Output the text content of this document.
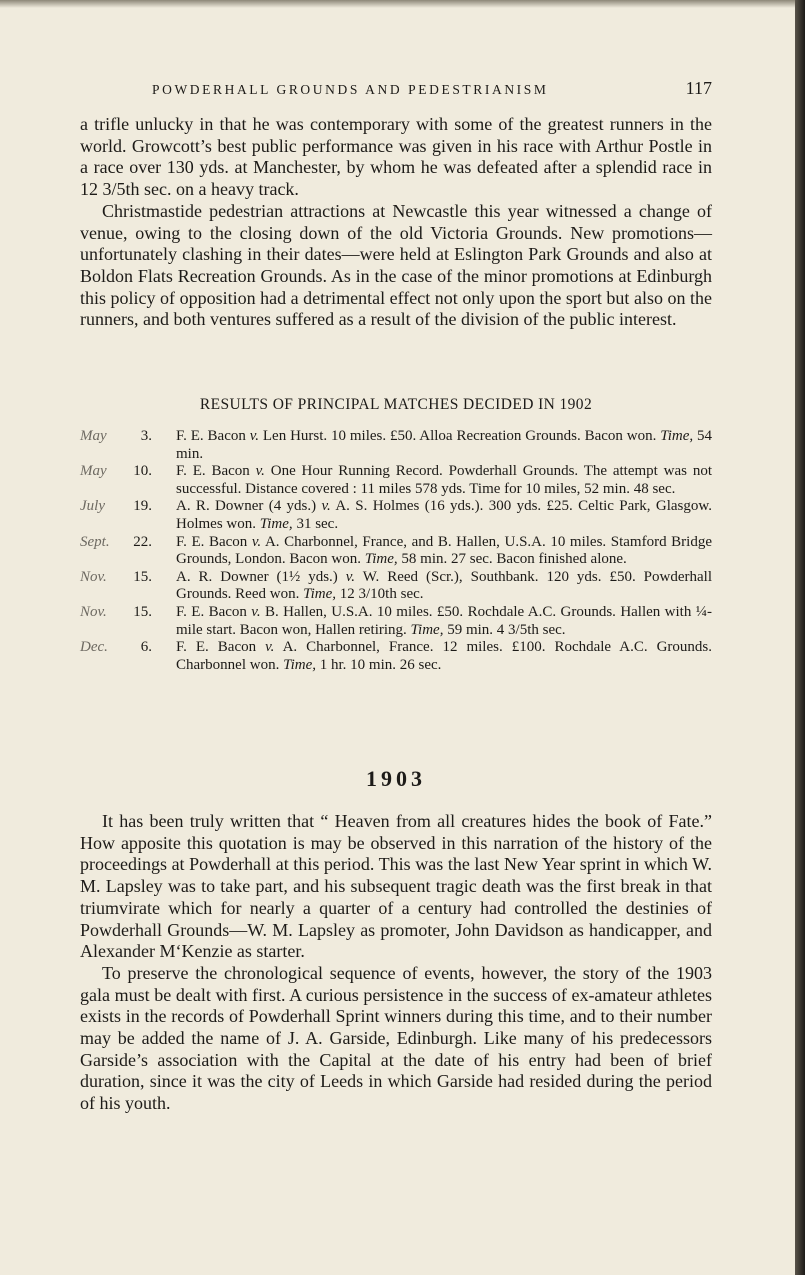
POWDERHALL GROUNDS AND PEDESTRIANISM	117

a trifle unlucky in that he was contemporary with some of the greatest runners in the world. Growcott’s best public performance was given in his race with Arthur Postle in a race over 130 yds. at Manchester, by whom he was defeated after a splendid race in 12 3/5th sec. on a heavy track.

Christmastide pedestrian attractions at Newcastle this year witnessed a change of venue, owing to the closing down of the old Victoria Grounds. New promotions—unfortunately clashing in their dates—were held at Eslington Park Grounds and also at Boldon Flats Recreation Grounds. As in the case of the minor promotions at Edinburgh this policy of opposition had a detrimental effect not only upon the sport but also on the runners, and both ventures suffered as a result of the division of the public interest.

RESULTS OF PRINCIPAL MATCHES DECIDED IN 1902
May	3. F. E. Bacon v. Len Hurst. 10 miles. £50. Alloa Recreation Grounds. Bacon won. Time, 54 min.
May	10. F. E. Bacon v. One Hour Running Record. Powderhall Grounds. The attempt was not successful. Distance covered : 11 miles 578 yds. Time for 10 miles, 52 min. 48 sec.
July	19. A. R. Downer (4 yds.) v. A. S. Holmes (16 yds.). 300 yds. £25. Celtic Park, Glasgow. Holmes won. Time, 31 sec.
Sept.	22. F. E. Bacon v. A. Charbonnel, France, and B. Hallen, U.S.A. 10 miles. Stamford Bridge Grounds, London. Bacon won. Time, 58 min. 27 sec. Bacon finished alone.
Nov.	15. A. R. Downer (1½ yds.) v. W. Reed (Scr.), Southbank. 120 yds. £50. Powderhall Grounds. Reed won. Time, 12 3/10th sec.
Nov.	15. F. E. Bacon v. B. Hallen, U.S.A. 10 miles. £50. Rochdale A.C. Grounds. Hallen with ¼-mile start. Bacon won, Hallen retiring. Time, 59 min. 4 3/5th sec.
Dec.	6. F. E. Bacon v. A. Charbonnel, France. 12 miles. £100. Rochdale A.C. Grounds. Charbonnel won. Time, 1 hr. 10 min. 26 sec.
1903

It has been truly written that “ Heaven from all creatures hides the book of Fate.” How apposite this quotation is may be observed in this narration of the history of the proceedings at Powderhall at this period. This was the last New Year sprint in which W. M. Lapsley was to take part, and his subsequent tragic death was the first break in that triumvirate which for nearly a quarter of a century had controlled the destinies of Powderhall Grounds—W. M. Lapsley as promoter, John Davidson as handicapper, and Alexander M‘Kenzie as starter.

To preserve the chronological sequence of events, however, the story of the 1903 gala must be dealt with first. A curious persistence in the success of ex-amateur athletes exists in the records of Powderhall Sprint winners during this time, and to their number may be added the name of J. A. Garside, Edinburgh. Like many of his predecessors Garside’s association with the Capital at the date of his entry had been of brief duration, since it was the city of Leeds in which Garside had resided during the period of his youth.
